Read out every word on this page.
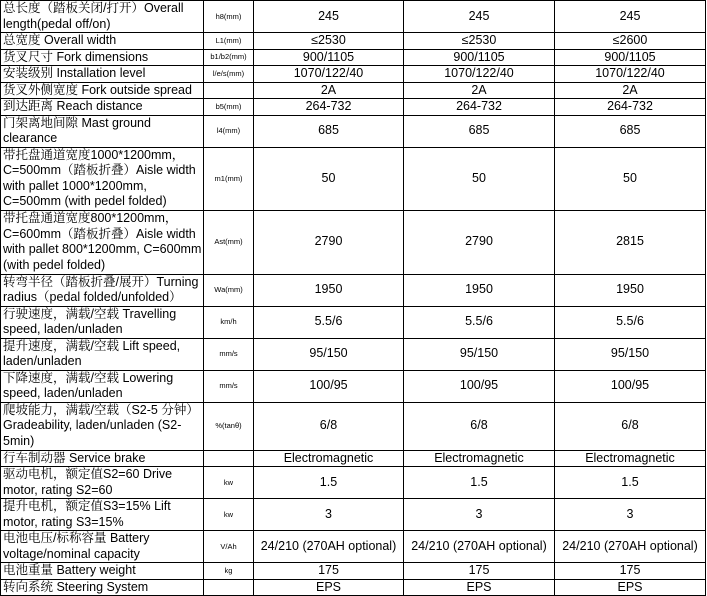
总长度（踏板关闭/打开）Overall length(pedal off/on)	h8(mm)	245	245	245
总宽度 Overall width	L1(mm)	≤2530	≤2530	≤2600
货叉尺寸 Fork dimensions	b1/b2(mm)	900/1105	900/1105	900/1105
安装级别 Installation level	l/e/s(mm)	1070/122/40	1070/122/40	1070/122/40
货叉外侧宽度 Fork outside spread		2A	2A	2A
到达距离 Reach distance	b5(mm)	264-732	264-732	264-732
门架离地间隙 Mast ground clearance	l4(mm)	685	685	685
带托盘通道宽度1000*1200mm，C=500mm（踏板折叠）Aisle width with pallet 1000*1200mm, C=500mm (with pedel folded)	m1(mm)	50	50	50
带托盘通道宽度800*1200mm，C=600mm（踏板折叠）Aisle width with pallet 800*1200mm, C=600mm (with pedel folded)	Ast(mm)	2790	2790	2815
转弯半径（踏板折叠/展开）Turning radius（pedal folded/unfolded）	Wa(mm)	1950	1950	1950
行驶速度，满载/空载 Travelling speed, laden/unladen	km/h	5.5/6	5.5/6	5.5/6
提升速度，满载/空载 Lift speed, laden/unladen	mm/s	95/150	95/150	95/150
下降速度，满载/空载 Lowering speed, laden/unladen	mm/s	100/95	100/95	100/95
爬坡能力，满载/空载（S2-5 分钟）Gradeability, laden/unladen (S2-5min)	%(tanθ)	6/8	6/8	6/8
行车制动器 Service brake		Electromagnetic	Electromagnetic	Electromagnetic
驱动电机，额定值S2=60 Drive motor, rating S2=60	kw	1.5	1.5	1.5
提升电机，额定值S3=15% Lift motor, rating S3=15%	kw	3	3	3
电池电压/标称容量 Battery voltage/nominal capacity	V/Ah	24/210 (270AH optional)	24/210 (270AH optional)	24/210 (270AH optional)
电池重量 Battery weight	kg	175	175	175
转向系统 Steering System		EPS	EPS	EPS
